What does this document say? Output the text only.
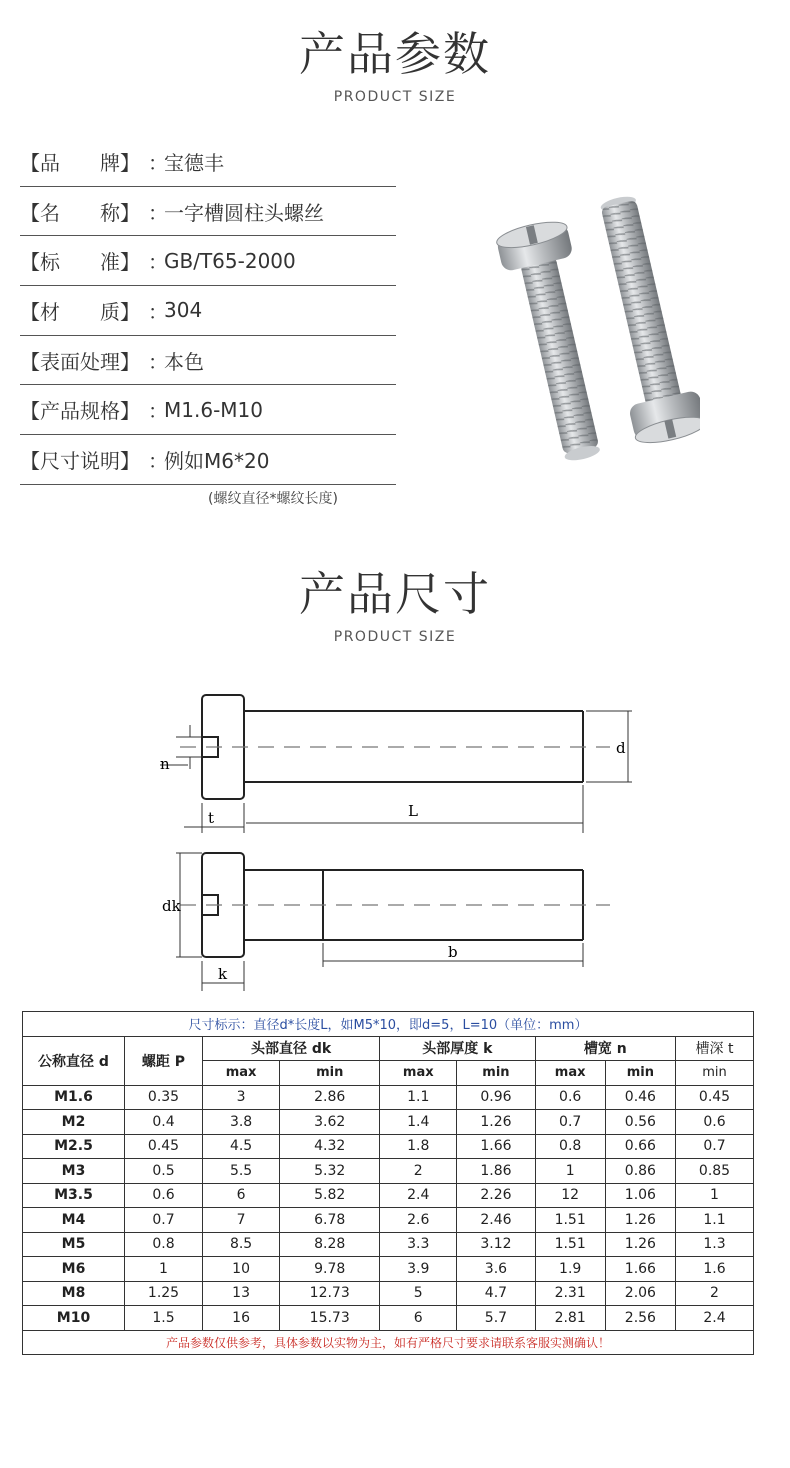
产品参数
PRODUCT SIZE
【品　　牌】 ：
宝德丰
【名　　称】 ：
一字槽圆柱头螺丝
【标　　准】 ：
GB/T65-2000
【材　　质】 ：
304
【表面处理】 ：
本色
【产品规格】 ：
M1.6-M10
【尺寸说明】 ：
例如M6*20
(螺纹直径*螺纹长度)
产品尺寸
PRODUCT SIZE
n
d
t	L
dk
k
b
尺寸标示：直径d*长度L，如M5*10，即d=5，L=10（单位：mm）								
公称直径 d	螺距 P	头部直径 dk		头部厚度 k		槽宽 n		槽深 t
		max	min	max	min	max	min	min
M1.6	0.35	3	2.86	1.1	0.96	0.6	0.46	0.45
M2	0.4	3.8	3.62	1.4	1.26	0.7	0.56	0.6
M2.5	0.45	4.5	4.32	1.8	1.66	0.8	0.66	0.7
M3	0.5	5.5	5.32	2	1.86	1	0.86	0.85
M3.5	0.6	6	5.82	2.4	2.26	12	1.06	1
M4	0.7	7	6.78	2.6	2.46	1.51	1.26	1.1
M5	0.8	8.5	8.28	3.3	3.12	1.51	1.26	1.3
M6	1	10	9.78	3.9	3.6	1.9	1.66	1.6
M8	1.25	13	12.73	5	4.7	2.31	2.06	2
M10	1.5	16	15.73	6	5.7	2.81	2.56	2.4
产品参数仅供参考，具体参数以实物为主，如有严格尺寸要求请联系客服实测确认！								
